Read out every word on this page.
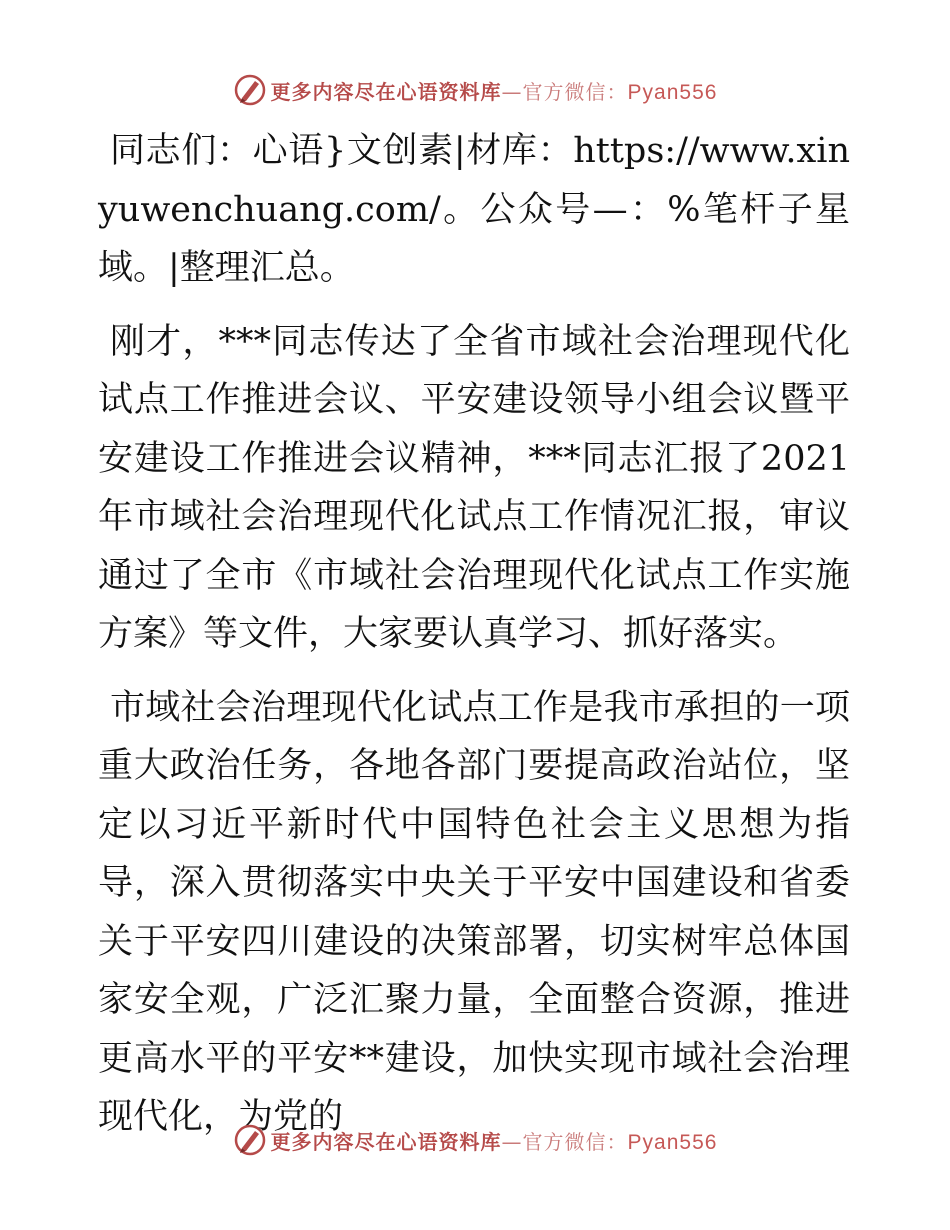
更多内容尽在心语资料库—官方微信：Pyan556

同志们：心语}文创素|材库：https://www.xinyuwenchuang.com/。公众号—：%笔杆子星域。|整理汇总。

刚才，***同志传达了全省市域社会治理现代化试点工作推进会议、平安建设领导小组会议暨平安建设工作推进会议精神，***同志汇报了2021年市域社会治理现代化试点工作情况汇报，审议通过了全市《市域社会治理现代化试点工作实施方案》等文件，大家要认真学习、抓好落实。

市域社会治理现代化试点工作是我市承担的一项重大政治任务，各地各部门要提高政治站位，坚定以习近平新时代中国特色社会主义思想为指导，深入贯彻落实中央关于平安中国建设和省委关于平安四川建设的决策部署，切实树牢总体国家安全观，广泛汇聚力量，全面整合资源，推进更高水平的平安**建设，加快实现市域社会治理现代化，为党的

更多内容尽在心语资料库—官方微信：Pyan556
